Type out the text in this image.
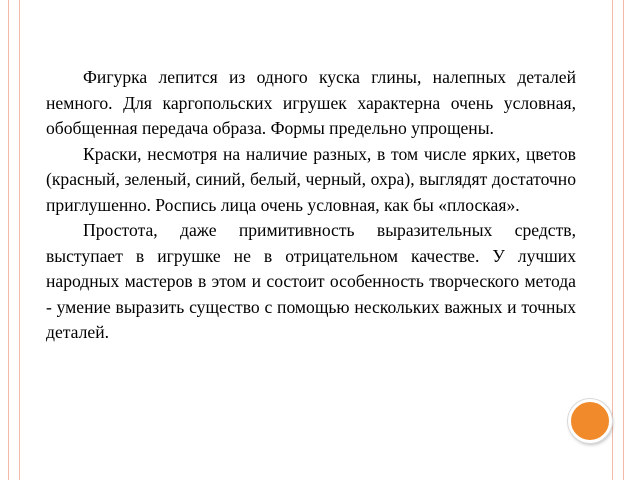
Фигурка лепится из одного куска глины, налепных деталей немного. Для каргопольских игрушек характерна очень условная, обобщенная передача образа. Формы предельно упрощены.

Краски, несмотря на наличие разных, в том числе ярких, цветов (красный, зеленый, синий, белый, черный, охра), выглядят достаточно приглушенно. Роспись лица очень условная, как бы «плоская».

Простота, даже примитивность выразительных средств, выступает в игрушке не в отрицательном качестве. У лучших народных мастеров в этом и состоит особенность творческого метода - умение выразить существо с помощью нескольких важных и точных деталей.
